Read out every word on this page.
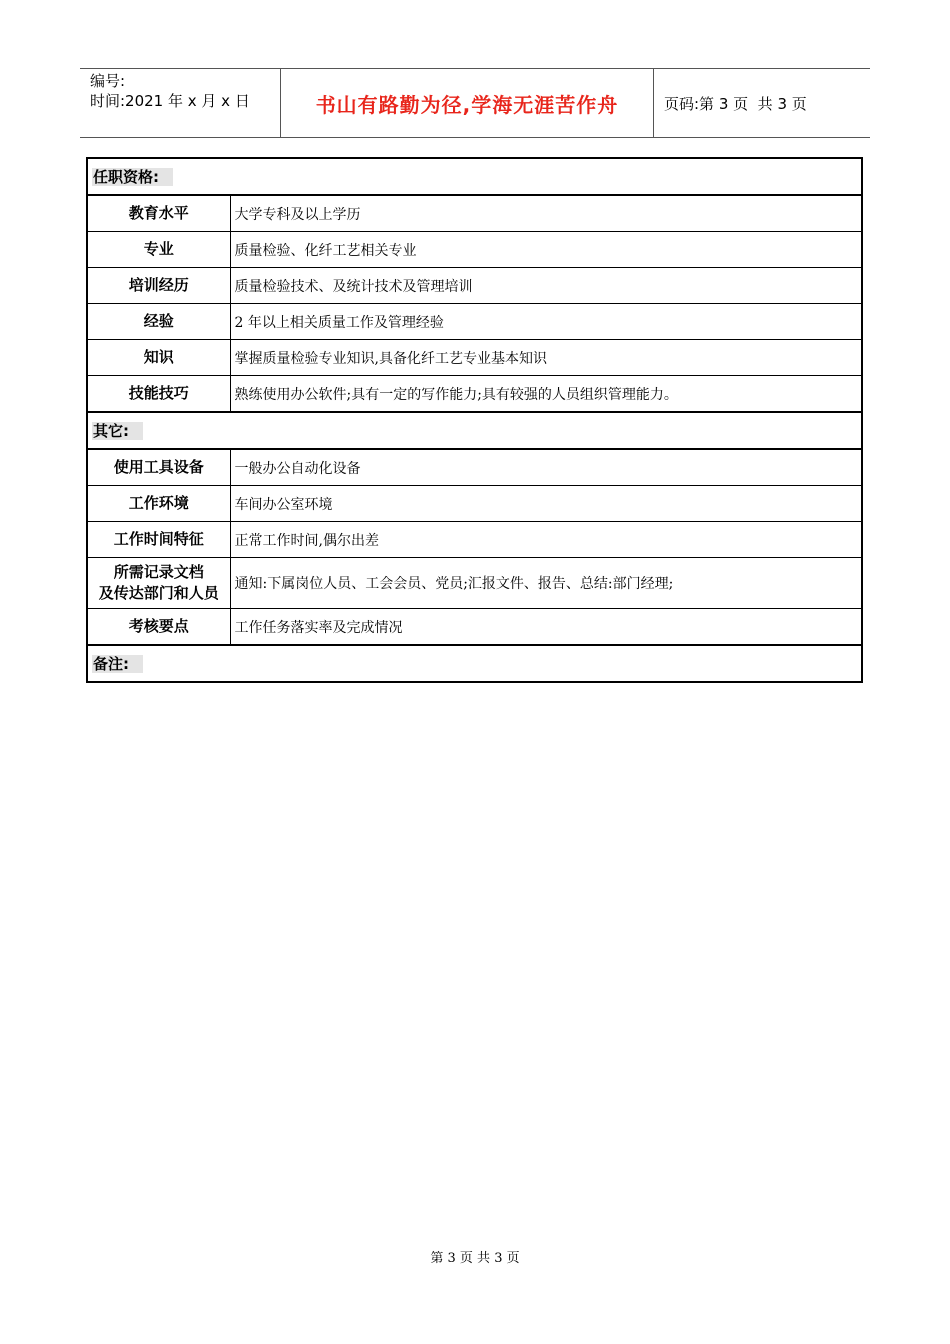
编号:
时间:2021 年 x 月 x 日	书山有路勤为径,学海无涯苦作舟	页码:第 3 页  共 3 页
任职资格:	
教育水平	大学专科及以上学历
专业	质量检验、化纤工艺相关专业
培训经历	质量检验技术、及统计技术及管理培训
经验	2 年以上相关质量工作及管理经验
知识	掌握质量检验专业知识,具备化纤工艺专业基本知识
技能技巧	熟练使用办公软件;具有一定的写作能力;具有较强的人员组织管理能力。
其它:	
使用工具设备	一般办公自动化设备
工作环境	车间办公室环境
工作时间特征	正常工作时间,偶尔出差

所需记录文档
及传达部门和人员	通知:下属岗位人员、工会会员、党员;汇报文件、报告、总结:部门经理;
考核要点	工作任务落实率及完成情况
备注:	
第 3 页 共 3 页
